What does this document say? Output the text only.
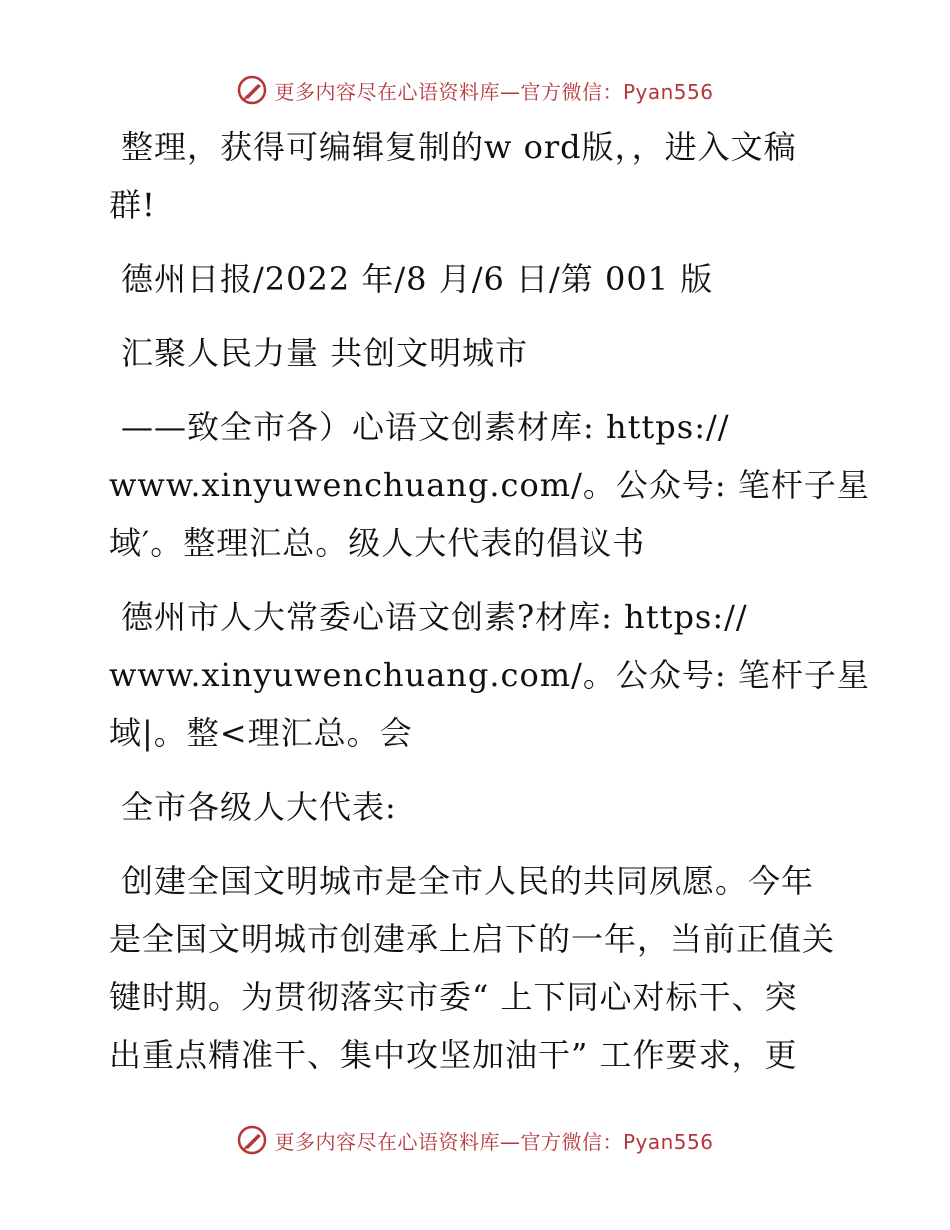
更多内容尽在心语资料库—官方微信：Pyan556

整理，获得可编辑复制的w ord版，，进入文稿
群!

德州日报/2022 年/8 月/6 日/第 001 版

汇聚人民力量 共创文明城市

——致全市各）心语文创素材库: https://
www.xinyuwenchuang.com/。公众号: 笔杆子星
域′。整理汇总。级人大代表的倡议书

德州市人大常委心语文创素?材库: https://
www.xinyuwenchuang.com/。公众号: 笔杆子星
域|。整<理汇总。会

全市各级人大代表:

创建全国文明城市是全市人民的共同夙愿。今年
是全国文明城市创建承上启下的一年，当前正值关
键时期。为贯彻落实市委“ 上下同心对标干、突
出重点精准干、集中攻坚加油干” 工作要求，更

更多内容尽在心语资料库—官方微信：Pyan556
